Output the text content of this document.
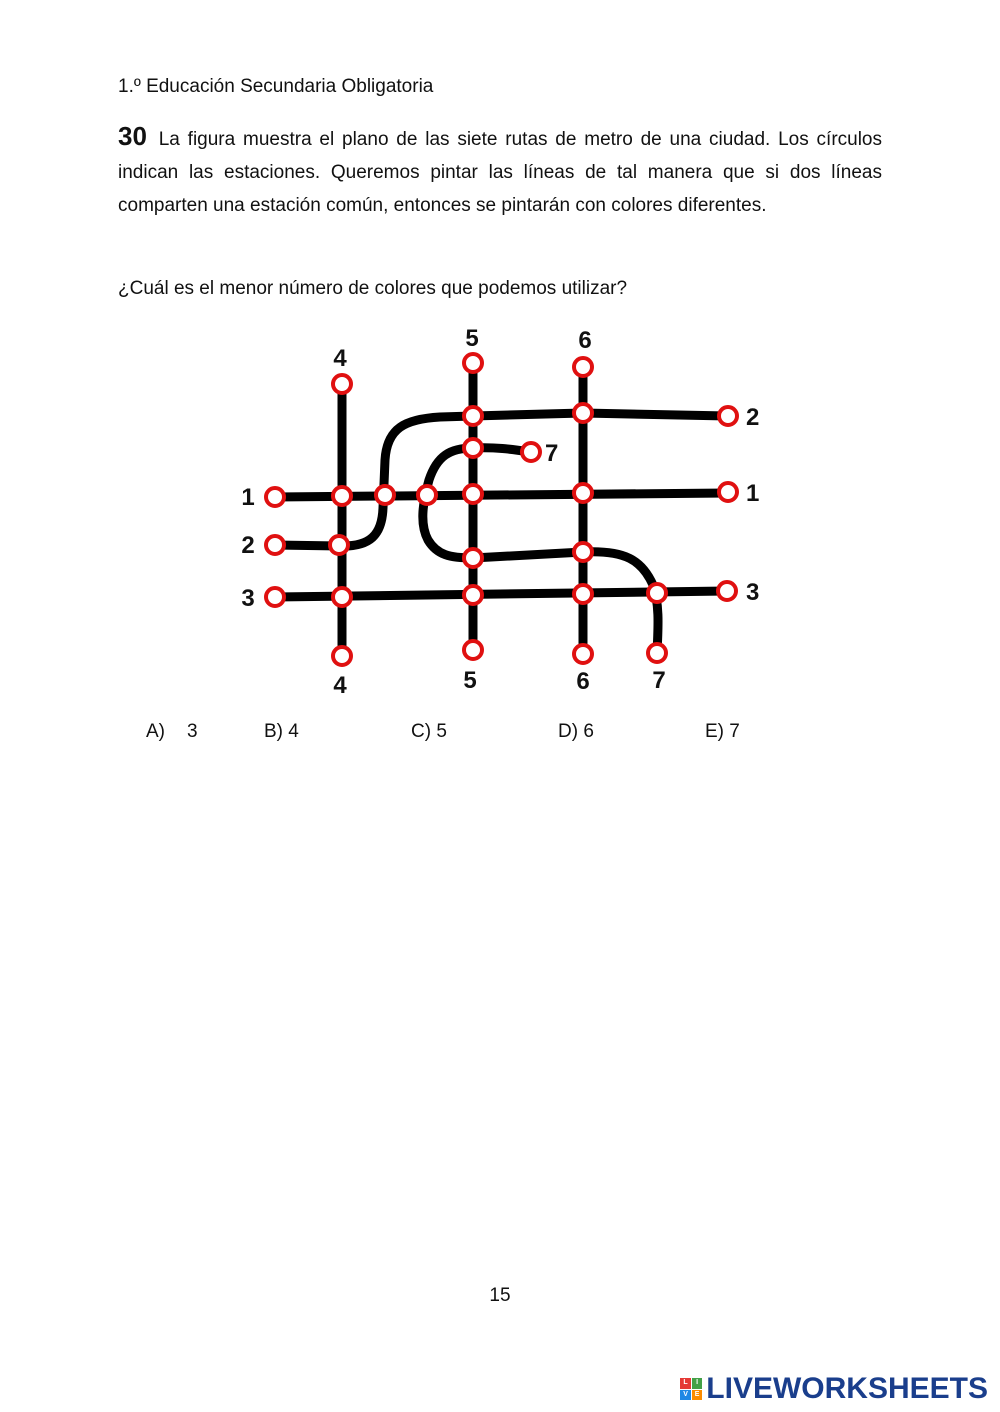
1.º Educación Secundaria Obligatoria
30 La figura muestra el plano de las siete rutas de metro de una ciudad. Los círculos indican las estaciones. Queremos pintar las líneas de tal manera que si dos líneas comparten una estación común, entonces se pintarán con colores diferentes.
¿Cuál es el menor número de colores que podemos utilizar?
4
5	6
2
7
1	1
2
3	3
4	5	6	7
A) 3	B) 4	C) 5	D) 6	E) 7
15
L	I
V E LIVEWORKSHEETS
